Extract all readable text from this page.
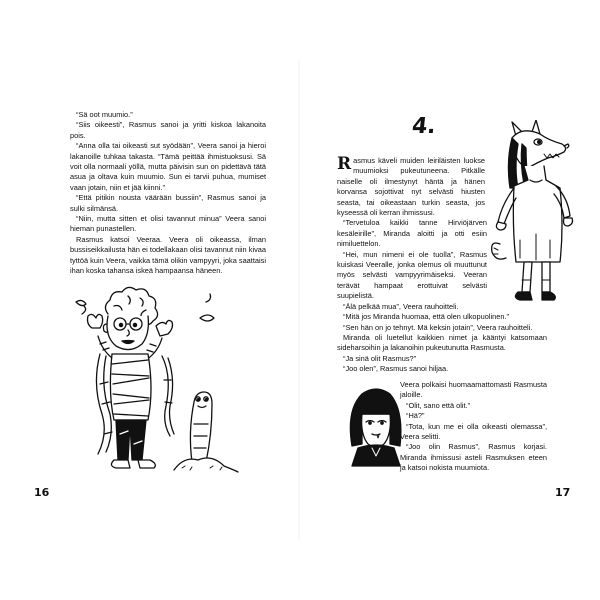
“Sä oot muumio.”

“Siis oikeesti”, Rasmus sanoi ja yritti kiskoa lakanoita pois.

“Anna olla tai oikeasti sut syödään”, Veera sanoi ja hieroi lakanoille tuhkaa takasta. “Tämä peittää ihmistuoksusi. Sä voit olla normaali yöllä, mutta päivisin sun on pidettävä tätä asua ja oltava kuin muumio. Sun ei tarvii puhua, mumiset vaan jotain, niin et jää kiinni.”

“Että pitikin nousta väärään bussiin”, Rasmus sanoi ja sulki silmänsä.

“Niin, mutta sitten et olisi tavannut minua” Veera sanoi hieman punastellen.

Rasmus katsoi Veeraa. Veera oli oikeassa, ilman bussiseikkailusta hän ei todellakaan olisi tavannut niin kivaa tyttöä kuin Veera, vaikka tämä olikin vampyyri, joka saattaisi ihan koska tahansa iskeä hampaansa häneen.

16
4.

Rasmus käveli muiden leiriläisten luokse muumioksi pukeutuneena. Pitkälle naiselle oli ilmestynyt häntä ja hänen korvansa sojottivat nyt selvästi hiusten seasta, tai oikeastaan turkin seasta, jos kyseessä oli kerran ihmissusi.

“Tervetuloa kaikki tanne Hirviöjärven kesäleirille”, Miranda aloitti ja otti esiin nimiluettelon.

“Hei, mun nimeni ei ole tuolla”, Rasmus kuiskasi Veeralle, jonka olemus oli muuttunut myös selvästi vampyyrimäiseksi. Veeran terävät hampaat erottuivat selvästi suupielistä.

“Älä pelkää mua”, Veera rauhoitteli.

“Mitä jos Miranda huomaa, että olen ulkopuolinen.”

“Sen hän on jo tehnyt. Mä keksin jotain”, Veera rauhoitteli.

Miranda oli luetellut kaikkien nimet ja kääntyi katsomaan sideharsoihin ja lakanoihin pukeutunutta Rasmusta.

“Ja sinä olit Rasmus?”

“Joo olen”, Rasmus sanoi hiljaa.

Veera polkaisi huomaamattomasti Rasmusta jaloille.

“Olit, sano että olit.”

“Hä?”

“Tota, kun me ei olla oikeasti olemassa”, Veera selitti.

“Joo olin Rasmus”, Rasmus korjasi. Miranda ihmissusi asteli Rasmuksen eteen ja katsoi nokista muumiota.

17
